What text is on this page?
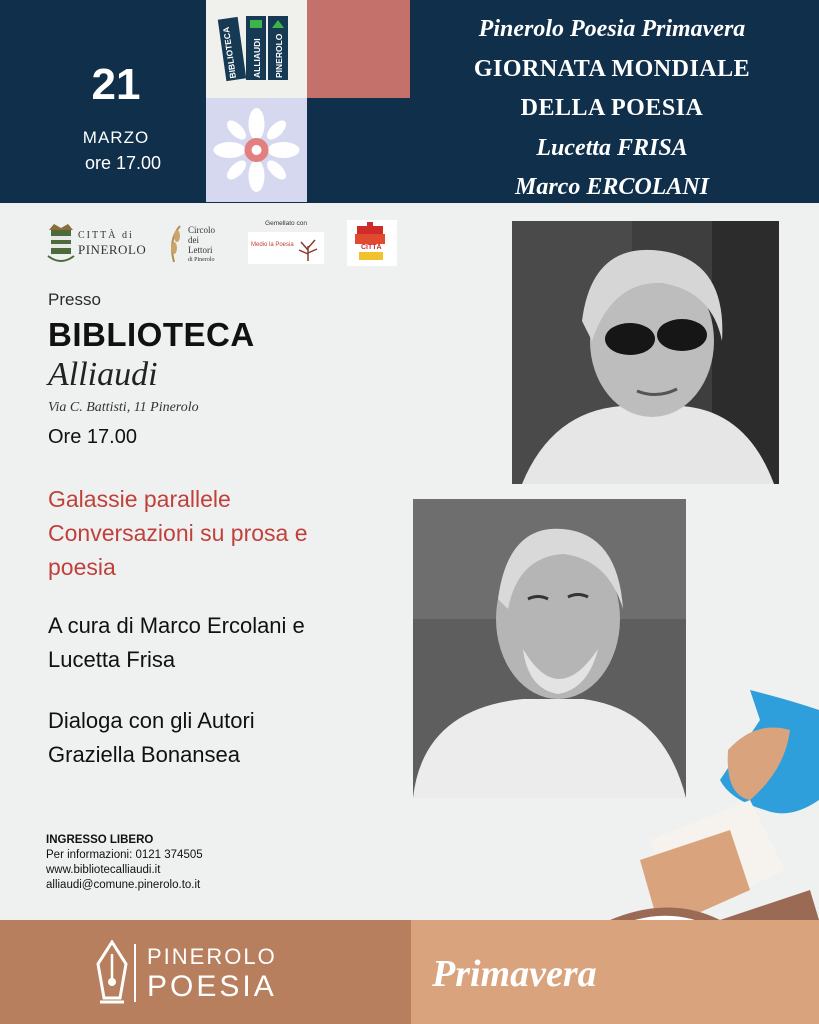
21
MARZO
ore 17.00
BIBLIOTECA ALLIAUDI PINEROLO
Pinerolo Poesia Primavera
GIORNATA MONDIALE
DELLA POESIA
Lucetta FRISA
Marco ERCOLANI
CITTÀ di
PINEROLO
Circolo
dei
Lettori
di Pinerolo
Gemellato con
Medio la Poesia	CITTÀ
Presso
BIBLIOTECA
Alliaudi
Via C. Battisti, 11 Pinerolo
Ore 17.00
Galassie parallele
Conversazioni su prosa e
poesia
A cura di Marco Ercolani e
Lucetta Frisa
Dialoga con gli Autori
Graziella Bonansea
INGRESSO LIBERO
Per informazioni: 0121 374505
www.bibliotecalliaudi.it
alliaudi@comune.pinerolo.to.it
PINEROLO
POESIA	Primavera
